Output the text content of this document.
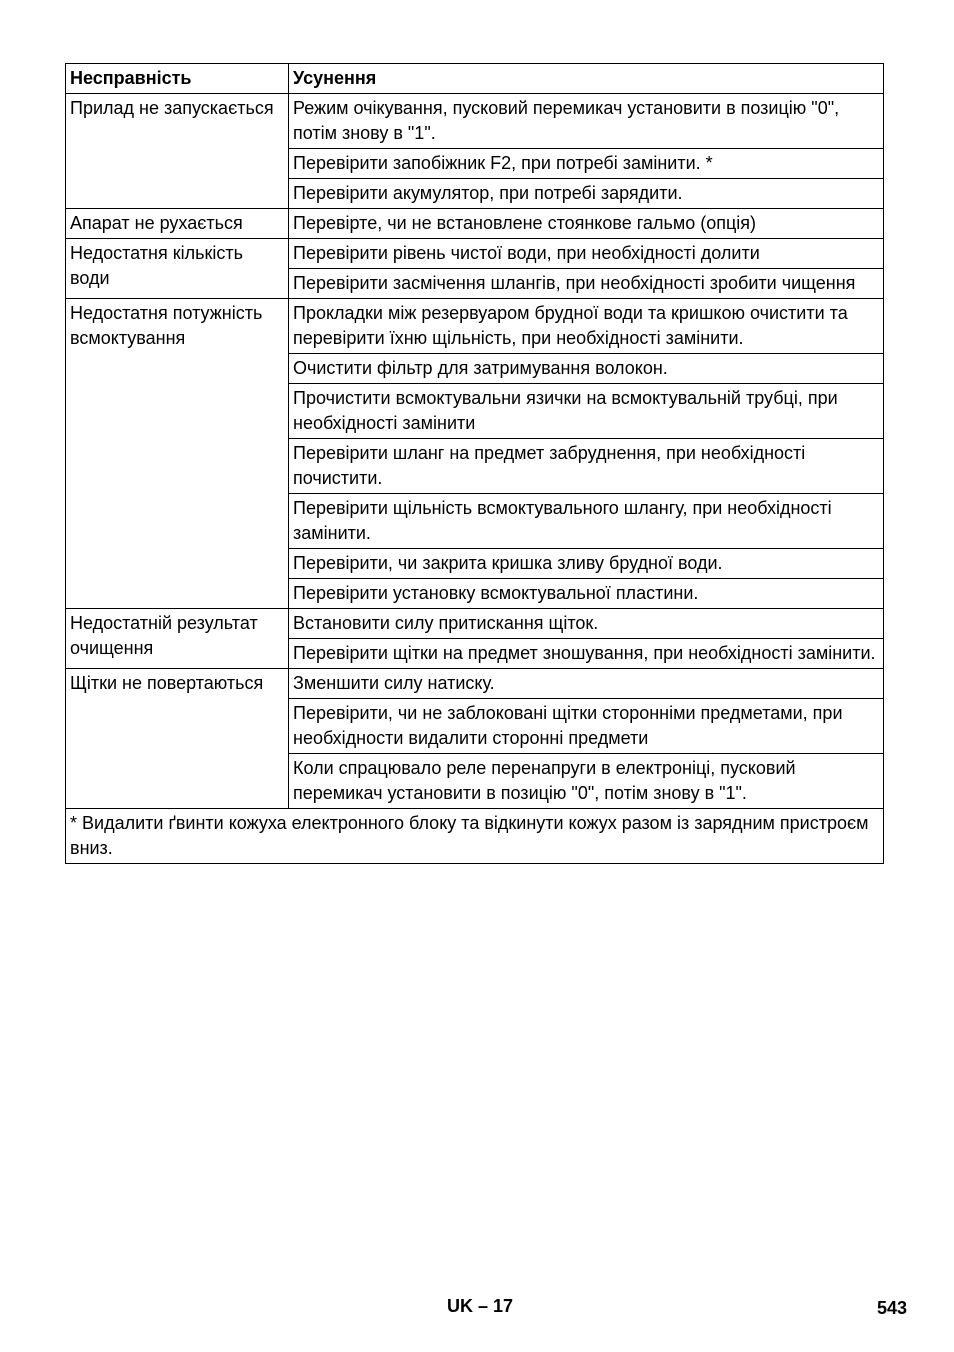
Несправність	Усунення
Прилад не запускається	Режим очікування, пусковий перемикач установити в позицію "0", потім знову в "1".
	Перевірити запобіжник F2, при потребі замінити. *
	Перевірити акумулятор, при потребі зарядити.
Апарат не рухається	Перевірте, чи не встановлене стоянкове гальмо (опція)
Недостатня кількість води	Перевірити рівень чистої води, при необхідності долити
	Перевірити засмічення шлангів, при необхідності зробити чищення
Недостатня потужність всмоктування	Прокладки між резервуаром брудної води та кришкою очистити та перевірити їхню щільність, при необхідності замінити.
	Очистити фільтр для затримування волокон.
	Прочистити всмоктувальни язички на всмоктувальній трубці, при необхідності замінити
	Перевірити шланг на предмет забруднення, при необхідності почистити.
	Перевірити щільність всмоктувального шлангу, при необхідності замінити.
	Перевірити, чи закрита кришка зливу брудної води.
	Перевірити установку всмоктувальної пластини.
Недостатній результат очищення	Встановити силу притискання щіток.
	Перевірити щітки на предмет зношування, при необхідності замінити.
Щітки не повертаються	Зменшити силу натиску.
	Перевірити, чи не заблоковані щітки сторонніми предметами, при необхідности видалити сторонні предмети
	Коли спрацювало реле перенапруги в електроніці, пусковий перемикач установити в позицію "0", потім знову в "1".
* Видалити ґвинти кожуха електронного блоку та відкинути кожух разом із зарядним пристроєм вниз.	
UK – 17	543
